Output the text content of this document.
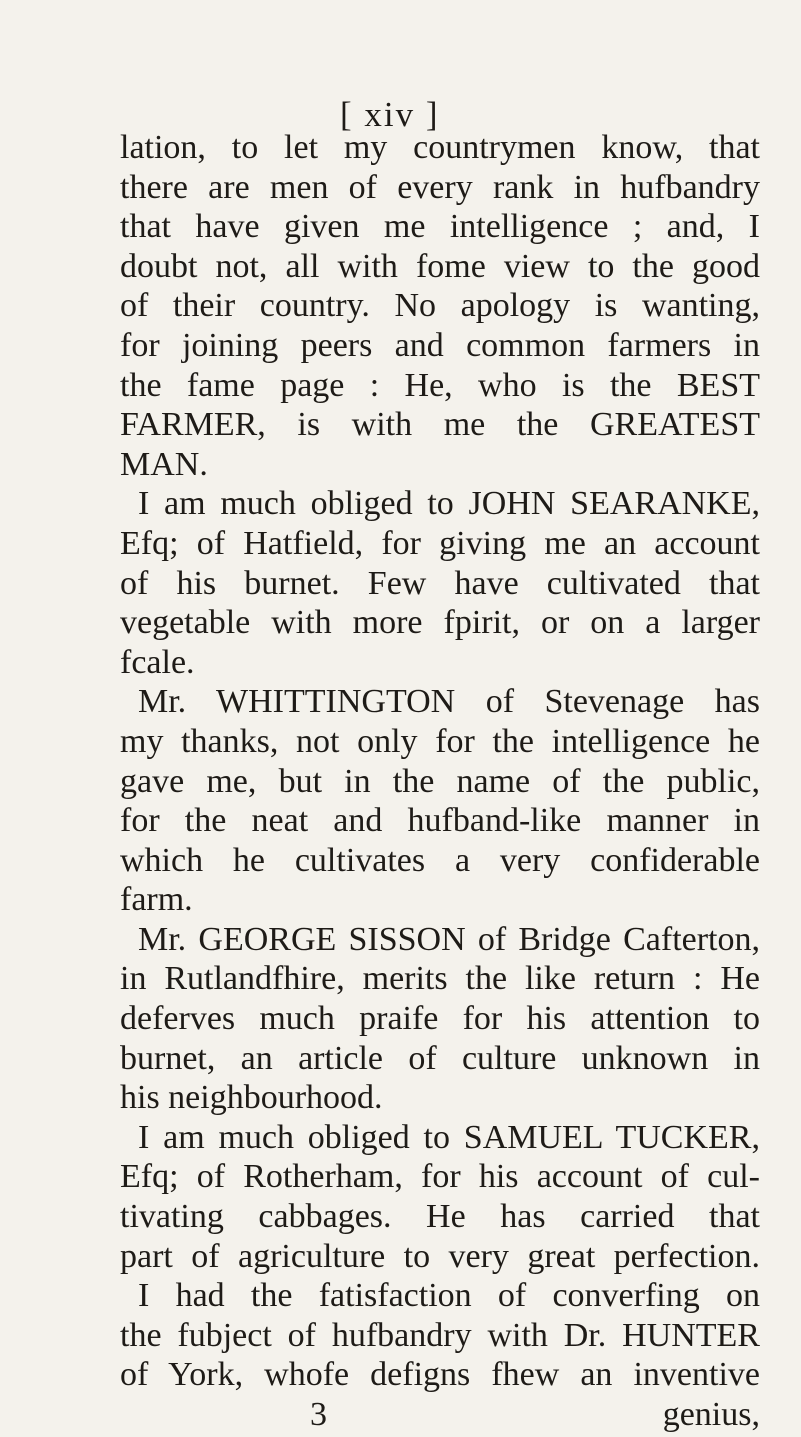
[ xiv ]
lation, to let my countrymen know, that
there are men of every rank in hufbandry
that have given me intelligence ; and, I
doubt not, all with fome view to the good
of their country. No apology is wanting,
for joining peers and common farmers in
the fame page : He, who is the BEST
FARMER, is with me the GREATEST
MAN.
I am much obliged to JOHN SEARANKE,
Efq; of Hatfield, for giving me an account
of his burnet. Few have cultivated that
vegetable with more fpirit, or on a larger
fcale.
Mr. WHITTINGTON of Stevenage has
my thanks, not only for the intelligence he
gave me, but in the name of the public,
for the neat and hufband-like manner in
which he cultivates a very confiderable
farm.
Mr. GEORGE SISSON of Bridge Cafterton,
in Rutlandfhire, merits the like return : He
deferves much praife for his attention to
burnet, an article of culture unknown in
his neighbourhood.
I am much obliged to SAMUEL TUCKER,
Efq; of Rotherham, for his account of cul-
tivating cabbages. He has carried that
part of agriculture to very great perfection.
I had the fatisfaction of converfing on
the fubject of hufbandry with Dr. HUNTER
of York, whofe defigns fhew an inventive
3	genius,
